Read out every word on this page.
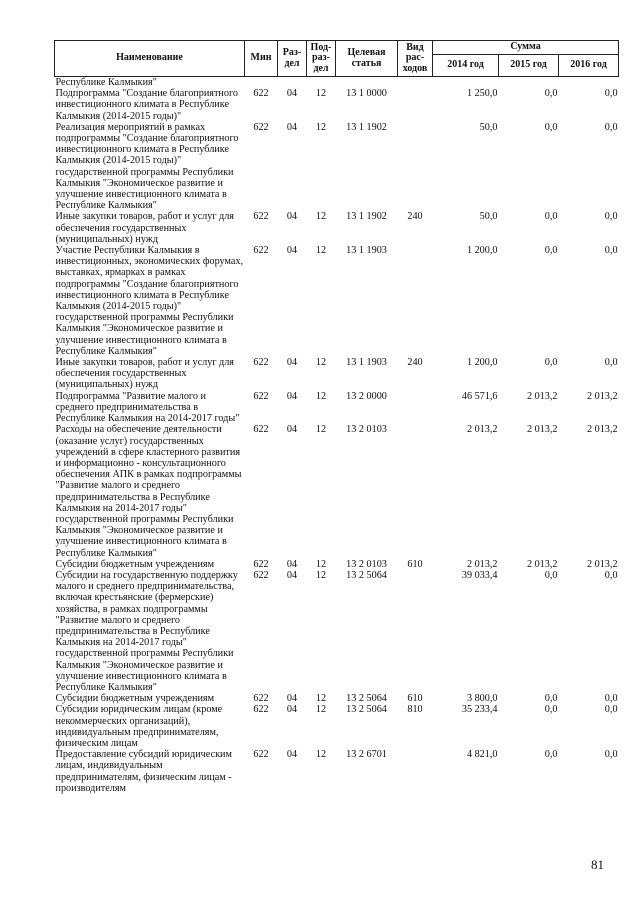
Наименование	Мин	Раз-
дел	Под-
раз-
дел	Целевая
статья	Вид
рас-
ходов	Сумма		
						2014 год	2015 год	2016 год
Республике Калмыкия"								
Подпрограмма "Создание благоприятного инвестиционного климата в Республике Калмыкия (2014-2015 годы)"	622	04	12	13 1 0000		1 250,0	0,0	0,0
Реализация мероприятий в рамках подпрограммы "Создание благоприятного инвестиционного климата в Республике Калмыкия (2014-2015 годы)" государственной программы Республики Калмыкия "Экономическое развитие и улучшение инвестиционного климата в Республике Калмыкия"	622	04	12	13 1 1902		50,0	0,0	0,0
Иные закупки товаров, работ и услуг для обеспечения государственных (муниципальных) нужд	622	04	12	13 1 1902	240	50,0	0,0	0,0
Участие Республики Калмыкия в инвестиционных, экономических форумах, выставках, ярмарках в рамках подпрограммы "Создание благоприятного инвестиционного климата в Республике Калмыкия (2014-2015 годы)" государственной программы Республики Калмыкия "Экономическое развитие и улучшение инвестиционного климата в Республике Калмыкия"	622	04	12	13 1 1903		1 200,0	0,0	0,0
Иные закупки товаров, работ и услуг для обеспечения государственных (муниципальных) нужд	622	04	12	13 1 1903	240	1 200,0	0,0	0,0
Подпрограмма "Развитие малого и среднего предпринимательства в Республике Калмыкия на 2014-2017 годы"	622	04	12	13 2 0000		46 571,6	2 013,2	2 013,2
Расходы на обеспечение деятельности (оказание услуг) государственных учреждений в сфере кластерного развития и информационно - консультационного обеспечения АПК в рамках подпрограммы "Развитие малого и среднего предпринимательства в Республике Калмыкия на 2014-2017 годы" государственной программы Республики Калмыкия "Экономическое развитие и улучшение инвестиционного климата в Республике Калмыкия"	622	04	12	13 2 0103		2 013,2	2 013,2	2 013,2
Субсидии бюджетным учреждениям	622	04	12	13 2 0103	610	2 013,2	2 013,2	2 013,2
Субсидии на государственную поддержку малого и среднего предпринимательства, включая крестьянские (фермерские) хозяйства, в рамках подпрограммы "Развитие малого и среднего предпринимательства в Республике Калмыкия на 2014-2017 годы" государственной программы Республики Калмыкия "Экономическое развитие и улучшение инвестиционного климата в Республике Калмыкия"	622	04	12	13 2 5064		39 033,4	0,0	0,0
Субсидии бюджетным учреждениям	622	04	12	13 2 5064	610	3 800,0	0,0	0,0
Субсидии юридическим лицам (кроме некоммерческих организаций), индивидуальным предпринимателям, физическим лицам	622	04	12	13 2 5064	810	35 233,4	0,0	0,0
Предоставление субсидий юридическим лицам, индивидуальным предпринимателям, физическим лицам - производителям	622	04	12	13 2 6701		4 821,0	0,0	0,0
81
